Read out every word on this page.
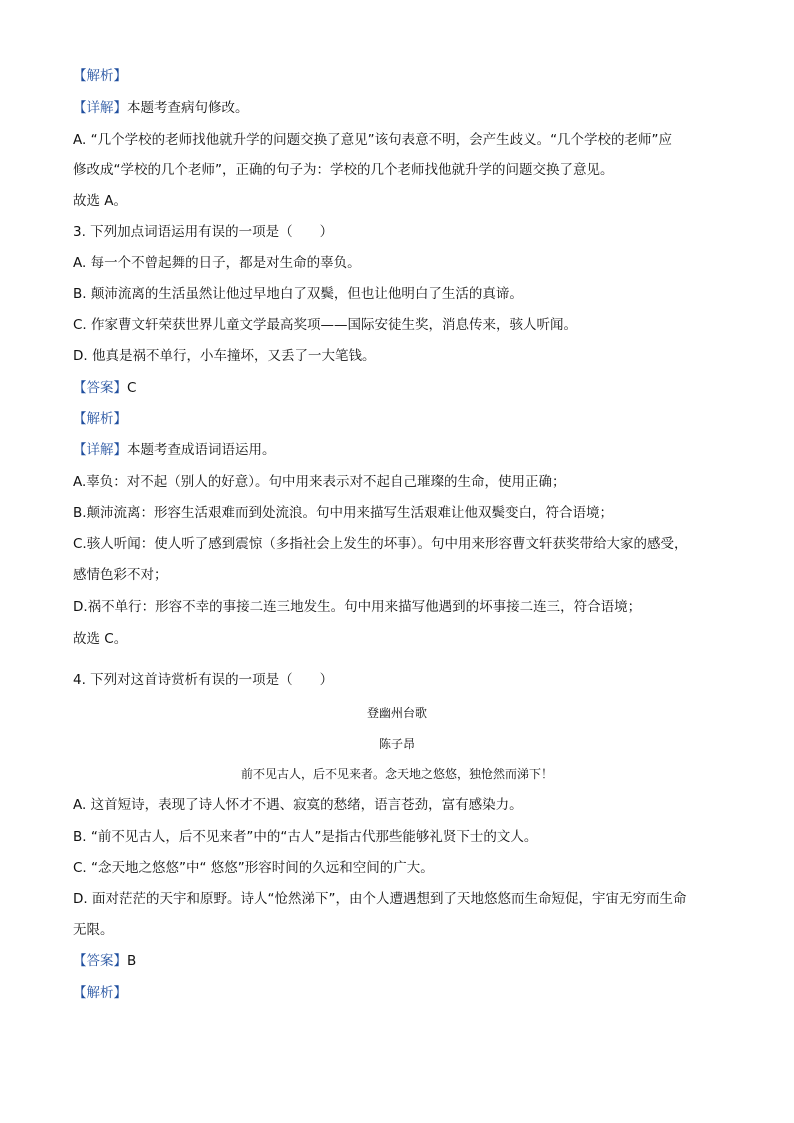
【解析】
【详解】本题考查病句修改。
A. “几个学校的老师找他就升学的问题交换了意见”该句表意不明，会产生歧义。“几个学校的老师”应
修改成“学校的几个老师”，正确的句子为：学校的几个老师找他就升学的问题交换了意见。
故选 A。
3. 下列加点词语运用有误的一项是（　　）
A. 每一个不曾起舞的日子，都是对生命的辜负。
B. 颠沛流离的生活虽然让他过早地白了双鬓，但也让他明白了生活的真谛。
C. 作家曹文轩荣获世界儿童文学最高奖项——国际安徒生奖，消息传来，骇人听闻。
D. 他真是祸不单行，小车撞坏，又丢了一大笔钱。
【答案】C
【解析】
【详解】本题考查成语词语运用。
A.辜负：对不起（别人的好意）。句中用来表示对不起自己璀璨的生命，使用正确；
B.颠沛流离：形容生活艰难而到处流浪。句中用来描写生活艰难让他双鬓变白，符合语境；
C.骇人听闻：使人听了感到震惊（多指社会上发生的坏事）。句中用来形容曹文轩获奖带给大家的感受，
感情色彩不对；
D.祸不单行：形容不幸的事接二连三地发生。句中用来描写他遇到的坏事接二连三，符合语境；
故选 C。
4. 下列对这首诗赏析有误的一项是（　　）
登幽州台歌
陈子昂
前不见古人，后不见来者。念天地之悠悠，独怆然而涕下！
A. 这首短诗，表现了诗人怀才不遇、寂寞的愁绪，语言苍劲，富有感染力。
B. “前不见古人，后不见来者”中的“古人”是指古代那些能够礼贤下士的文人。
C. “念天地之悠悠”中“ 悠悠”形容时间的久远和空间的广大。
D. 面对茫茫的天宇和原野。诗人“怆然涕下”，由个人遭遇想到了天地悠悠而生命短促，宇宙无穷而生命
无限。
【答案】B
【解析】
